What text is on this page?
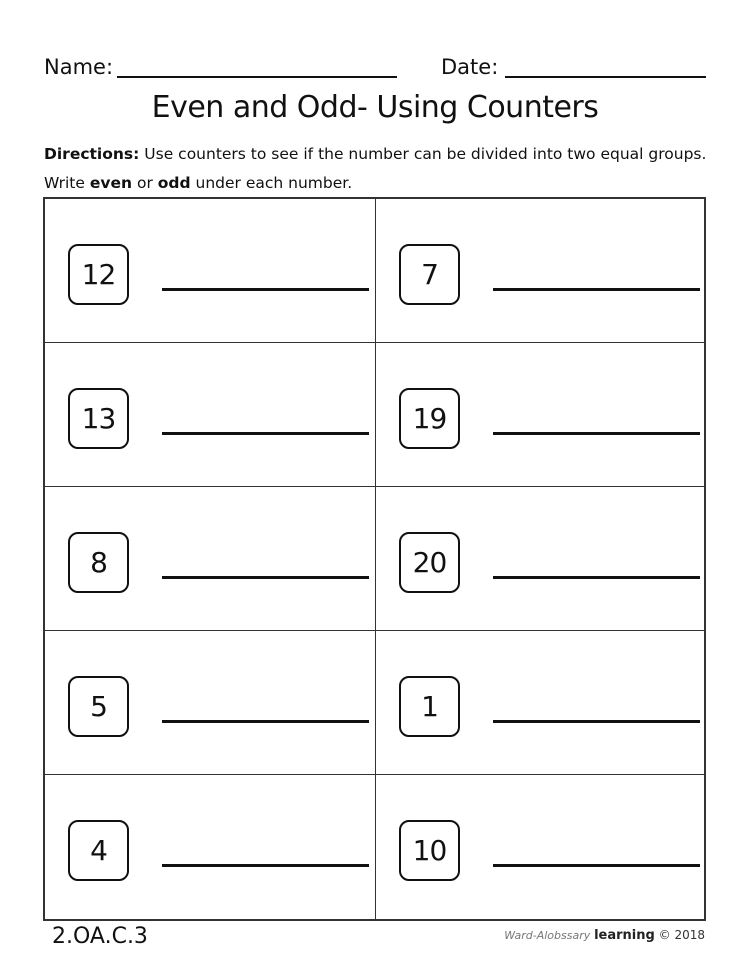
Name:	Date:
Even and Odd- Using Counters
Directions: Use counters to see if the number can be divided into two equal groups. Write even or odd under each number.
12	7
13	19
8	20
5	1
4	10
2.OA.C.3	Ward-Alobssary learning © 2018
